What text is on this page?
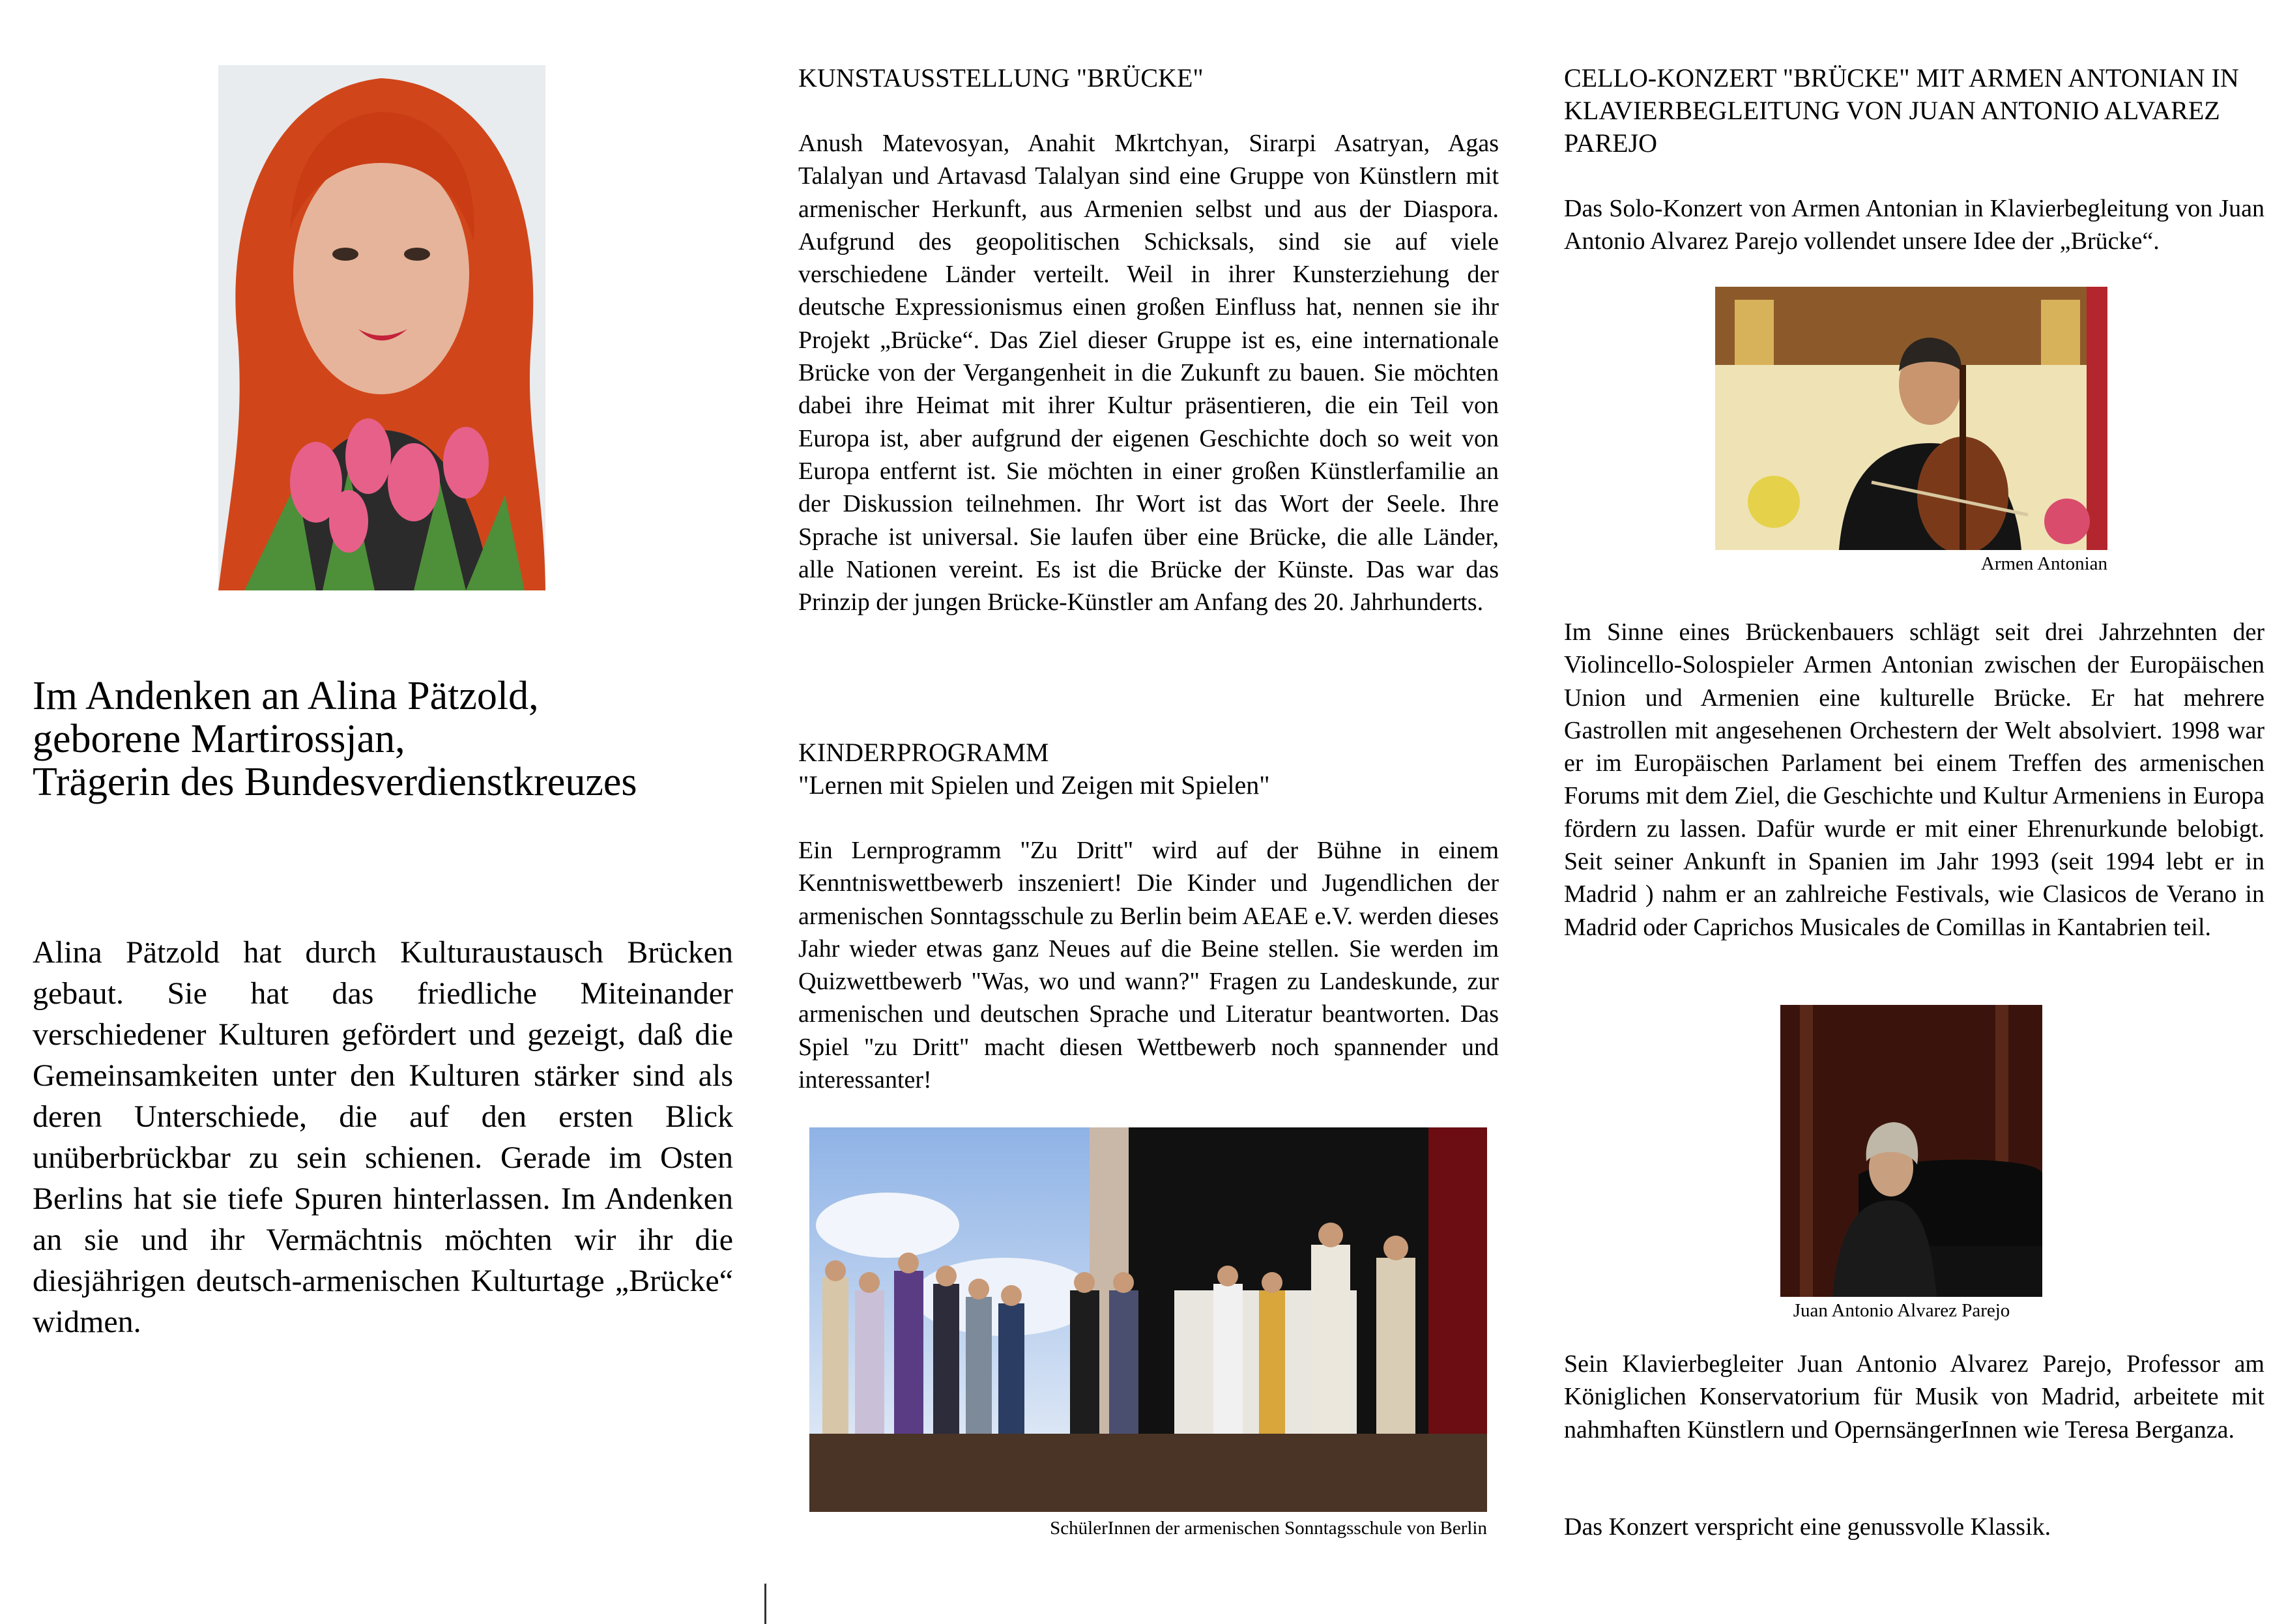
Im Andenken an Alina Pätzold,
geborene Martirossjan,
Trägerin des Bundesverdienstkreuzes

Alina Pätzold hat durch Kulturaustausch Brücken gebaut. Sie hat das friedliche Miteinander verschiedener Kulturen gefördert und gezeigt, daß die Gemeinsamkeiten unter den Kulturen stärker sind als deren Unterschiede, die auf den ersten Blick unüberbrückbar zu sein schienen. Gerade im Osten Berlins hat sie tiefe Spuren hinterlassen. Im Andenken an sie und ihr Vermächtnis möchten wir ihr die diesjährigen deutsch-armenischen Kulturtage „Brücke“ widmen.

KUNSTAUSSTELLUNG "BRÜCKE"

Anush Matevosyan, Anahit Mkrtchyan, Sirarpi Asatryan, Agas Talalyan und Artavasd Talalyan sind eine Gruppe von Künstlern mit armenischer Herkunft, aus Armenien selbst und aus der Diaspora. Aufgrund des geopolitischen Schicksals, sind sie auf viele verschiedene Länder verteilt. Weil in ihrer Kunsterziehung der deutsche Expressionismus einen großen Einfluss hat, nennen sie ihr Projekt „Brücke“. Das Ziel dieser Gruppe ist es, eine internationale Brücke von der Vergangenheit in die Zukunft zu bauen. Sie möchten dabei ihre Heimat mit ihrer Kultur präsentieren, die ein Teil von Europa ist, aber aufgrund der eigenen Geschichte doch so weit von Europa entfernt ist. Sie möchten in einer großen Künstlerfamilie an der Diskussion teilnehmen. Ihr Wort ist das Wort der Seele. Ihre Sprache ist universal. Sie laufen über eine Brücke, die alle Länder, alle Nationen vereint. Es ist die Brücke der Künste. Das war das Prinzip der jungen Brücke-Künstler am Anfang des 20. Jahrhunderts.

KINDERPROGRAMM

"Lernen mit Spielen und Zeigen mit Spielen"

Ein Lernprogramm "Zu Dritt" wird auf der Bühne in einem Kenntniswettbewerb inszeniert! Die Kinder und Jugendlichen der armenischen Sonntagsschule zu Berlin beim AEAE e.V. werden dieses Jahr wieder etwas ganz Neues auf die Beine stellen. Sie werden im Quizwettbewerb "Was, wo und wann?" Fragen zu Landeskunde, zur armenischen und deutschen Sprache und Literatur beantworten. Das Spiel "zu Dritt" macht diesen Wettbewerb noch spannender und interessanter!

SchülerInnen der armenischen Sonntagsschule von Berlin

CELLO-KONZERT "BRÜCKE" MIT ARMEN ANTONIAN IN
KLAVIERBEGLEITUNG VON JUAN ANTONIO ALVAREZ
PAREJO

Das Solo-Konzert von Armen Antonian in Klavierbegleitung von Juan Antonio Alvarez Parejo vollendet unsere Idee der „Brücke“.

Armen Antonian

Im Sinne eines Brückenbauers schlägt seit drei Jahrzehnten der Violincello-Solospieler Armen Antonian zwischen der Europäischen Union und Armenien eine kulturelle Brücke. Er hat mehrere Gastrollen mit angesehenen Orchestern der Welt absolviert. 1998 war er im Europäischen Parlament bei einem Treffen des armenischen Forums mit dem Ziel, die Geschichte und Kultur Armeniens in Europa fördern zu lassen. Dafür wurde er mit einer Ehrenurkunde belobigt. Seit seiner Ankunft in Spanien im Jahr 1993 (seit 1994 lebt er in Madrid ) nahm er an zahlreiche Festivals, wie Clasicos de Verano in Madrid oder Caprichos Musicales de Comillas in Kantabrien teil.

Juan Antonio Alvarez Parejo

Sein Klavierbegleiter Juan Antonio Alvarez Parejo, Professor am Königlichen Konservatorium für Musik von Madrid, arbeitete mit nahmhaften Künstlern und OpernsängerInnen wie Teresa Berganza.

Das Konzert verspricht eine genussvolle Klassik.
